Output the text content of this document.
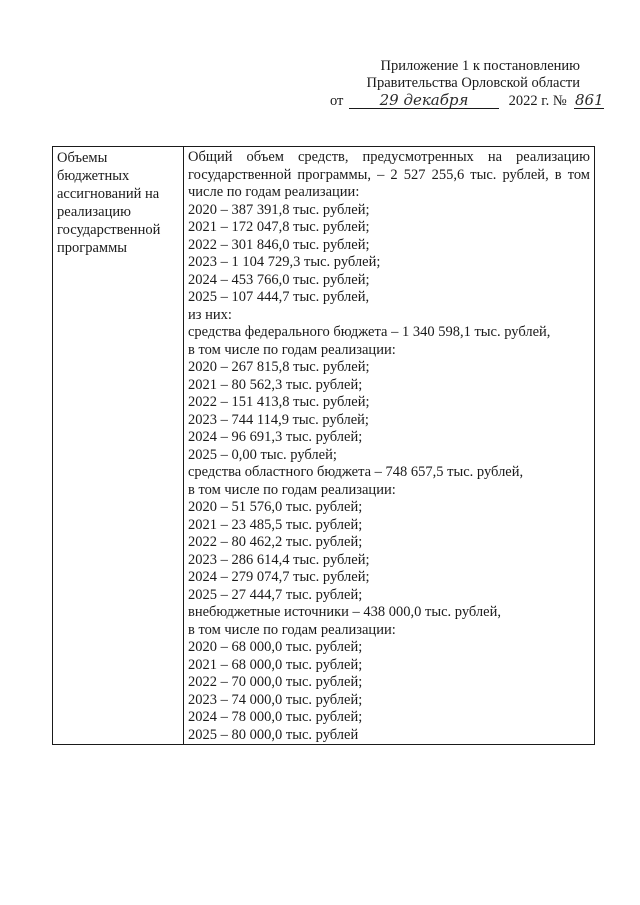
Приложение 1 к постановлению
Правительства Орловской области
от 29 декабря	2022 г. № 861
Объемы бюджетных ассигнований на реализацию государственной программы	
Общий объем средств, предусмотренных на реализацию государственной программы, – 2 527 255,6 тыс. рублей, в том числе по годам реализации:
2020 – 387 391,8 тыс. рублей;
2021 – 172 047,8 тыс. рублей;
2022 – 301 846,0 тыс. рублей;
2023 – 1 104 729,3 тыс. рублей;
2024 – 453 766,0 тыс. рублей;
2025 – 107 444,7 тыс. рублей,
из них:
средства федерального бюджета – 1 340 598,1 тыс. рублей,
в том числе по годам реализации:
2020 – 267 815,8 тыс. рублей;
2021 – 80 562,3 тыс. рублей;
2022 – 151 413,8 тыс. рублей;
2023 – 744 114,9 тыс. рублей;
2024 – 96 691,3 тыс. рублей;
2025 – 0,00 тыс. рублей;
средства областного бюджета – 748 657,5 тыс. рублей,
в том числе по годам реализации:
2020 – 51 576,0 тыс. рублей;
2021 – 23 485,5 тыс. рублей;
2022 – 80 462,2 тыс. рублей;
2023 – 286 614,4 тыс. рублей;
2024 – 279 074,7 тыс. рублей;
2025 – 27 444,7 тыс. рублей;
внебюджетные источники – 438 000,0 тыс. рублей,
в том числе по годам реализации:
2020 – 68 000,0 тыс. рублей;
2021 – 68 000,0 тыс. рублей;
2022 – 70 000,0 тыс. рублей;
2023 – 74 000,0 тыс. рублей;
2024 – 78 000,0 тыс. рублей;
2025 – 80 000,0 тыс. рублей
